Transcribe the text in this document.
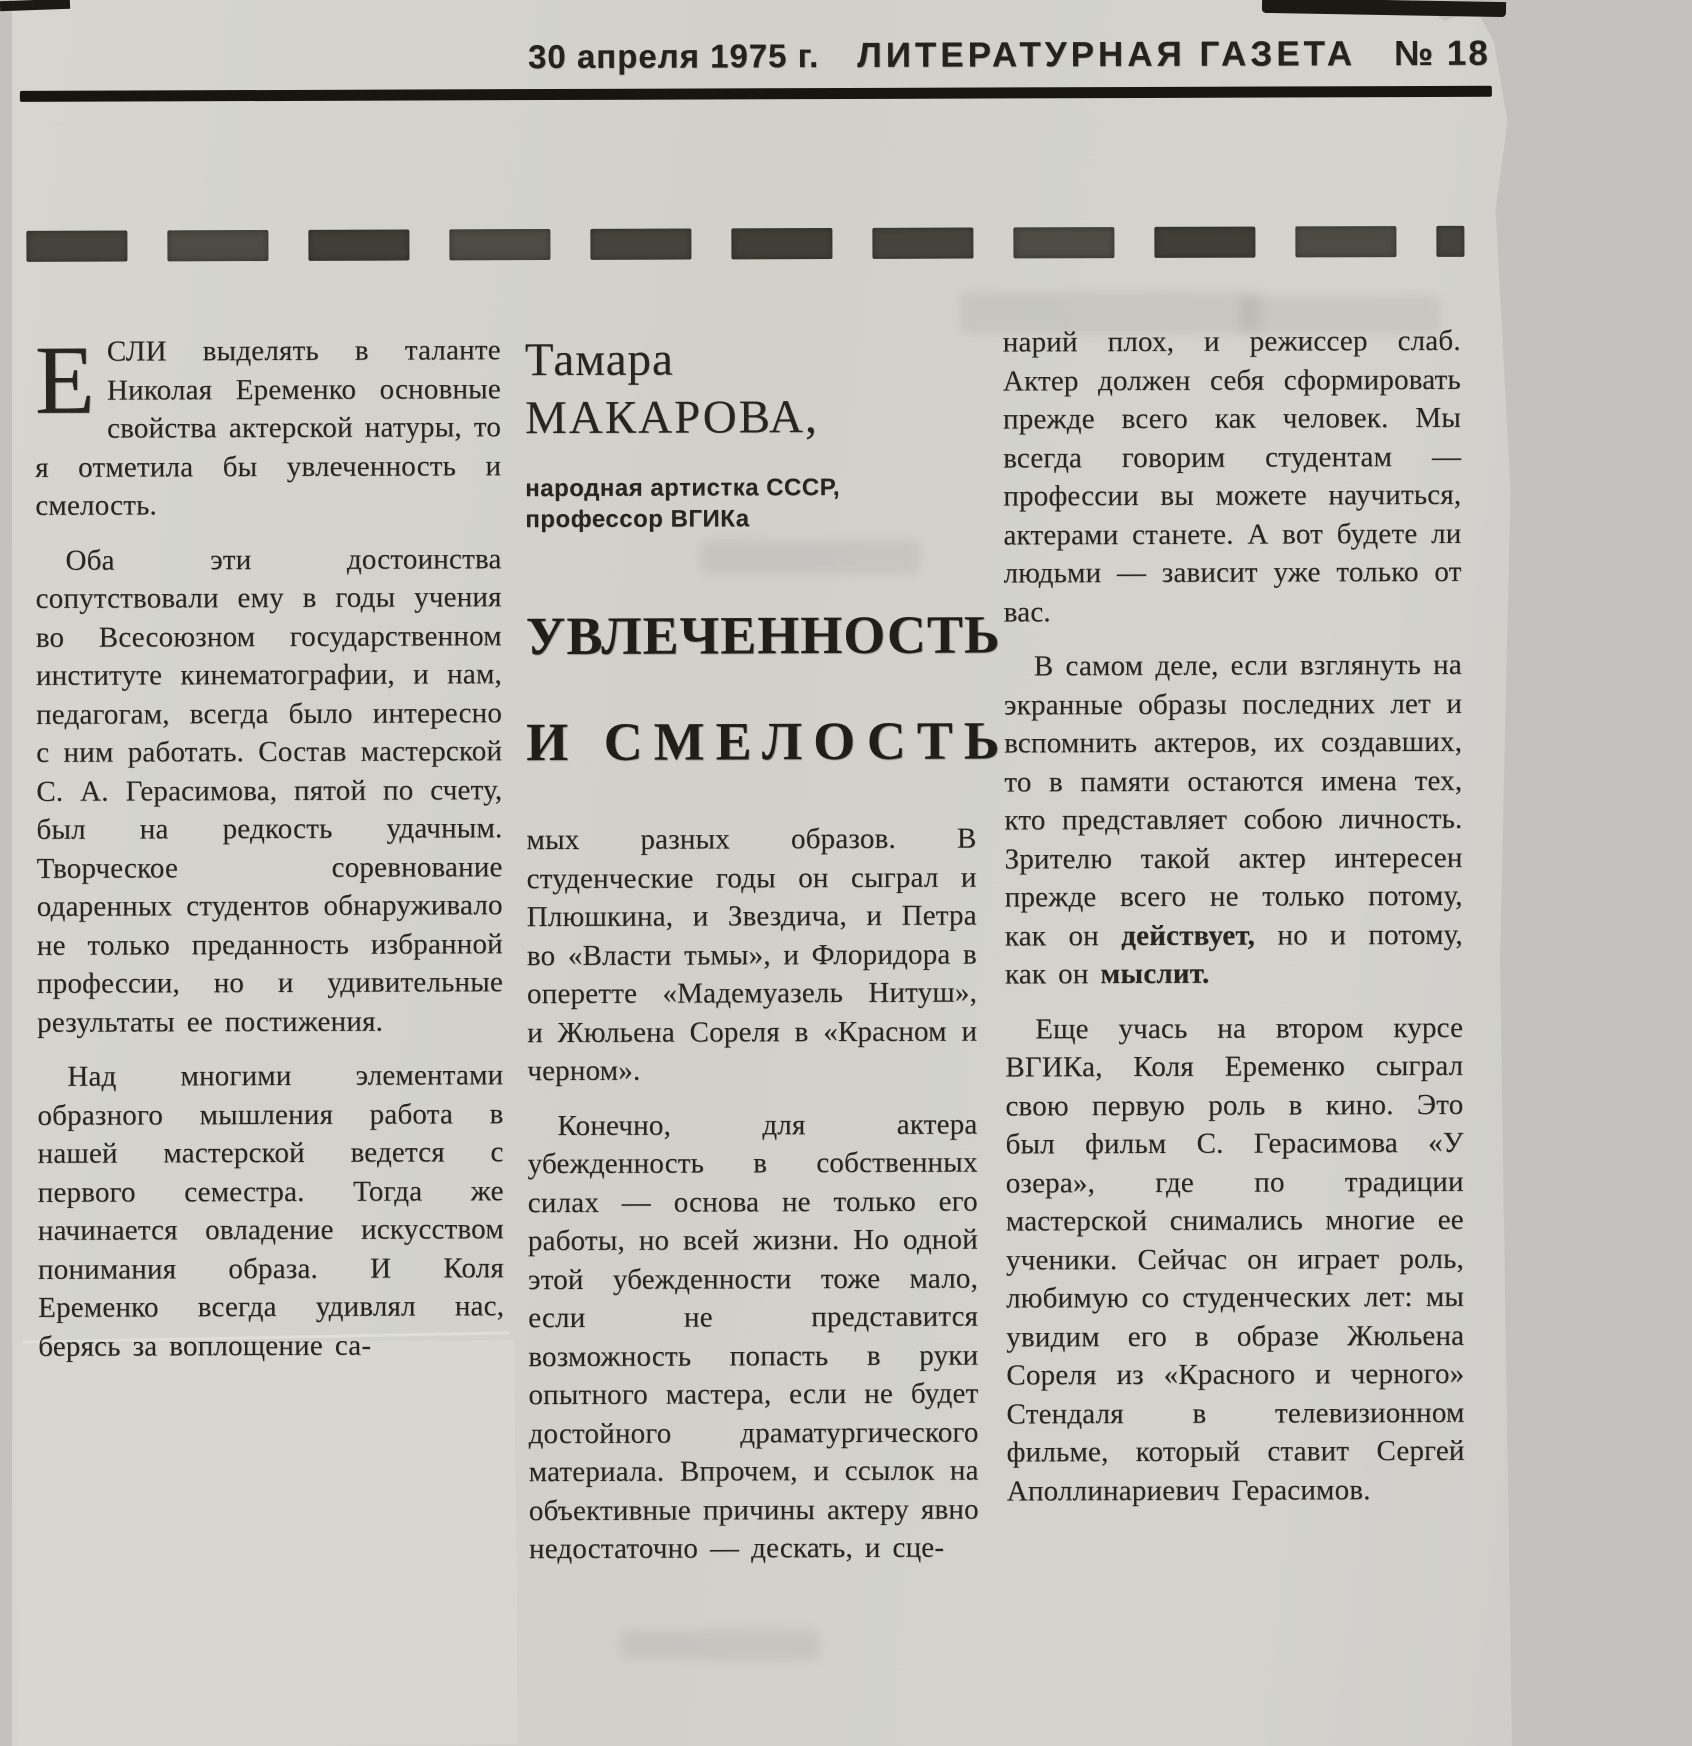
30 апреля 1975 г. ЛИТЕРАТУРНАЯ ГАЗЕТА № 18

ЕСЛИ выделять в таланте Николая Еременко основные свойства актерской натуры, то я отметила бы увлеченность и смелость.

Оба эти достоинства сопутствовали ему в годы учения во Всесоюзном государственном институте кинематографии, и нам, педагогам, всегда было интересно с ним работать. Состав мастерской С. А. Герасимова, пятой по счету, был на редкость удачным. Творческое соревнование одаренных студентов обнаруживало не только преданность избранной профессии, но и удивительные результаты ее постижения.

Над многими элементами образного мышления работа в нашей мастерской ведется с первого семестра. Тогда же начинается овладение искусством понимания образа. И Коля Еременко всегда удивлял нас, берясь за воплощение са-

Тамара
МАКАРОВА,
народная артистка СССР,
профессор ВГИКа
УВЛЕЧЕННОСТЬ
И СМЕЛОСТЬ

мых разных образов. В студенческие годы он сыграл и Плюшкина, и Звездича, и Петра во «Власти тьмы», и Флоридора в оперетте «Мадемуазель Нитуш», и Жюльена Сореля в «Красном и черном».

Конечно, для актера убежденность в собственных силах — основа не только его работы, но всей жизни. Но одной этой убежденности тоже мало, если не представится возможность попасть в руки опытного мастера, если не будет достойного драматургического материала. Впрочем, и ссылок на объективные причины актеру явно недостаточно — дескать, и сце-

нарий плох, и режиссер слаб. Актер должен себя сформировать прежде всего как человек. Мы всегда говорим студентам — профессии вы можете научиться, актерами станете. А вот будете ли людьми — зависит уже только от вас.

В самом деле, если взглянуть на экранные образы последних лет и вспомнить актеров, их создавших, то в памяти остаются имена тех, кто представляет собою личность. Зрителю такой актер интересен прежде всего не только потому, как он действует, но и потому, как он мыслит.

Еще учась на втором курсе ВГИКа, Коля Еременко сыграл свою первую роль в кино. Это был фильм С. Герасимова «У озера», где по традиции мастерской снимались многие ее ученики. Сейчас он играет роль, любимую со студенческих лет: мы увидим его в образе Жюльена Сореля из «Красного и черного» Стендаля в телевизионном фильме, который ставит Сергей Аполлинариевич Герасимов.
